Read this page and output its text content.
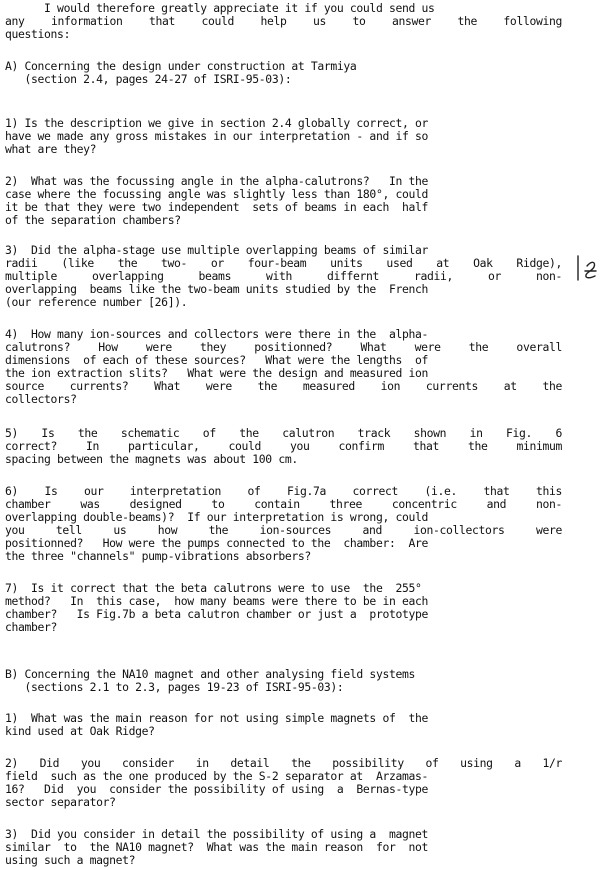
I would therefore greatly appreciate it if you could send us
any information that could help us to answer the following
questions:
A) Concerning the design under construction at Tarmiya
(section 2.4, pages 24-27 of ISRI-95-03):
1) Is the description we give in section 2.4 globally correct, or
have we made any gross mistakes in our interpretation - and if so
what are they?
2)  What was the focussing angle in the alpha-calutrons?   In the
case where the focussing angle was slightly less than 180°, could
it be that they were two independent  sets of beams in each  half
of the separation chambers?
3)  Did the alpha-stage use multiple overlapping beams of similar
radii (like the two- or four-beam units used at Oak Ridge),
multiple overlapping beams with differnt radii, or non-
overlapping  beams like the two-beam units studied by the  French
(our reference number [26]).
4)  How many ion-sources and collectors were there in the  alpha-
calutrons? How were they positionned? What were the overall
dimensions  of each of these sources?   What were the lengths  of
the ion extraction slits?   What were the design and measured ion
source currents? What were the measured ion currents at the
collectors?
5) Is the schematic of the calutron track shown in Fig. 6
correct? In particular, could you confirm that the minimum
spacing between the magnets was about 100 cm.
6) Is our interpretation of Fig.7a correct (i.e. that this
chamber was designed to contain three concentric and non-
overlapping double-beams)?  If our interpretation is wrong, could
you tell us how the ion-sources and ion-collectors were
positionned?   How were the pumps connected to the  chamber:  Are
the three "channels" pump-vibrations absorbers?
7)  Is it correct that the beta calutrons were to use  the  255°
method?   In  this case,  how many beams were there to be in each
chamber?   Is Fig.7b a beta calutron chamber or just a  prototype
chamber?
B) Concerning the NA10 magnet and other analysing field systems
(sections 2.1 to 2.3, pages 19-23 of ISRI-95-03):
1)  What was the main reason for not using simple magnets of  the
kind used at Oak Ridge?
2) Did you consider in detail the possibility of using a 1/r
field  such as the one produced by the S-2 separator at  Arzamas-
16?   Did  you  consider the possibility of using  a  Bernas-type
sector separator?
3)  Did you consider in detail the possibility of using a  magnet
similar  to  the NA10 magnet?  What was the main reason  for  not
using such a magnet?
